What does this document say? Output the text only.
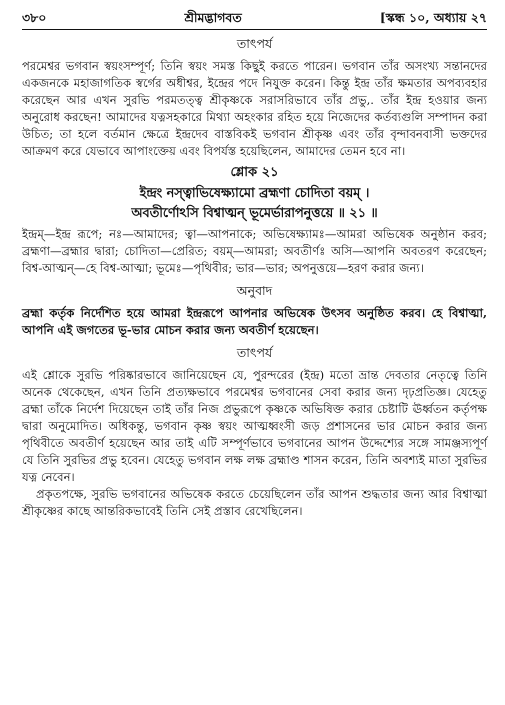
৩৮০	শ্রীমদ্ভাগবত	[স্কন্ধ ১০, অধ্যায় ২৭
তাৎপর্য

পরমেশ্বর ভগবান স্বয়ংসম্পূর্ণ; তিনি স্বয়ং সমস্ত কিছুই করতে পারেন। ভগবান তাঁর অসংখ্য সন্তানদের একজনকে মহাজাগতিক স্বর্গের অধীশ্বর, ইন্দ্রের পদে নিযুক্ত করেন। কিন্তু ইন্দ্র তাঁর ক্ষমতার অপব্যবহার করেছেন আর এখন সুরভি পরমতত্ত্ব শ্রীকৃষ্ণকে সরাসরিভাবে তাঁর প্রভু,. তাঁর ইন্দ্র হওয়ার জন্য অনুরোধ করছেন! আমাদের যত্নসহকারে মিথ্যা অহংকার রহিত হয়ে নিজেদের কর্তব্যগুলি সম্পাদন করা উচিত; তা হলে বর্তমান ক্ষেত্রে ইন্দ্রদেব বাস্তবিকই ভগবান শ্রীকৃষ্ণ এবং তাঁর বৃন্দাবনবাসী ভক্তদের আক্রমণ করে যেভাবে আপাংক্তেয় এবং বিপর্যস্ত হয়েছিলেন, আমাদের তেমন হবে না।

শ্লোক ২১
ইন্দ্রং নস্ত্বাভিষেক্ষ্যামো ব্রহ্মণা চোদিতা বয়ম্ ।
অবতীর্ণোঽসি বিশ্বাত্মন্ ভূমের্ভারাপনুত্তয়ে ॥ ২১ ॥

ইন্দ্রম্—ইন্দ্র রূপে; নঃ—আমাদের; ত্বা—আপনাকে; অভিষেক্ষ্যামঃ—আমরা অভিষেক অনুষ্ঠান করব; ব্রহ্মণা—ব্রহ্মার দ্বারা; চোদিতা—প্রেরিত; বয়ম্—আমরা; অবতীর্ণঃ অসি—আপনি অবতরণ করেছেন; বিশ্ব-আত্মন্—হে বিশ্ব-আত্মা; ভূমেঃ—পৃথিবীর; ভার—ভার; অপনুত্তয়ে—হরণ করার জন্য।

অনুবাদ

ব্রহ্মা কর্তৃক নির্দেশিত হয়ে আমরা ইন্দ্ররূপে আপনার অভিষেক উৎসব অনুষ্ঠিত করব। হে বিশ্বাত্মা, আপনি এই জগতের ভূ-ভার মোচন করার জন্য অবতীর্ণ হয়েছেন।

তাৎপর্য

এই শ্লোকে সুরভি পরিষ্কারভাবে জানিয়েছেন যে, পুরন্দরের (ইন্দ্র) মতো ভ্রান্ত দেবতার নেতৃত্বে তিনি অনেক থেকেছেন, এখন তিনি প্রত্যক্ষভাবে পরমেশ্বর ভগবানের সেবা করার জন্য দৃঢ়প্রতিজ্ঞ। যেহেতু ব্রহ্মা তাঁকে নির্দেশ দিয়েছেন তাই তাঁর নিজ প্রভুরূপে কৃষ্ণকে অভিষিক্ত করার চেষ্টাটি ঊর্ধ্বতন কর্তৃপক্ষ দ্বারা অনুমোদিত। অধিকন্তু, ভগবান কৃষ্ণ স্বয়ং আত্মধ্বংসী জড় প্রশাসনের ভার মোচন করার জন্য পৃথিবীতে অবতীর্ণ হয়েছেন আর তাই এটি সম্পূর্ণভাবে ভগবানের আপন উদ্দেশ্যের সঙ্গে সামঞ্জস্যপূর্ণ যে তিনি সুরভির প্রভু হবেন। যেহেতু ভগবান লক্ষ লক্ষ ব্রহ্মাণ্ড শাসন করেন, তিনি অবশ্যই মাতা সুরভির যত্ন নেবেন।

প্রকৃতপক্ষে, সুরভি ভগবানের অভিষেক করতে চেয়েছিলেন তাঁর আপন শুদ্ধতার জন্য আর বিশ্বাত্মা শ্রীকৃষ্ণের কাছে আন্তরিকভাবেই তিনি সেই প্রস্তাব রেখেছিলেন।
